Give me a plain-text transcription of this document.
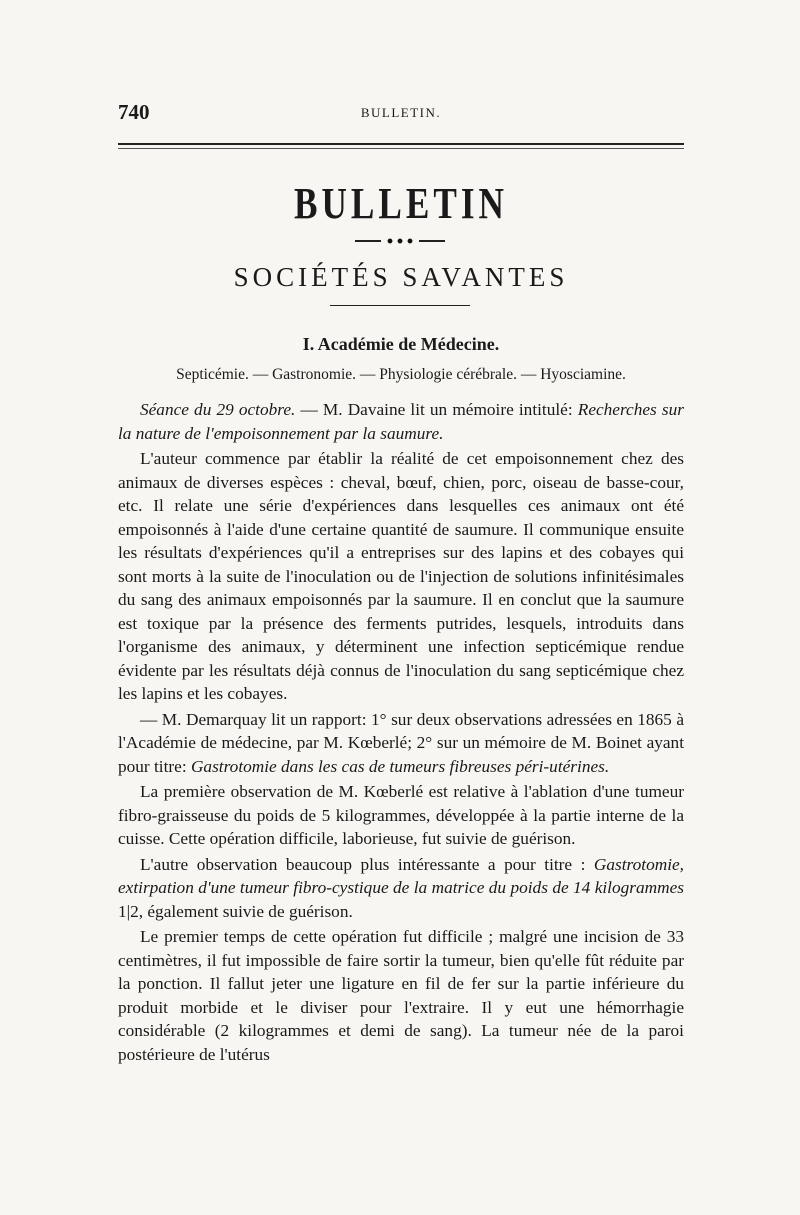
740	BULLETIN.
BULLETIN
SOCIÉTÉS SAVANTES
I. Académie de Médecine.
Septicémie. — Gastronomie. — Physiologie cérébrale. — Hyoscіamine.

Séance du 29 octobre. — M. Davaine lit un mémoire intitulé: Recherches sur la nature de l'empoisonnement par la saumure.

L'auteur commence par établir la réalité de cet empoisonnement chez des animaux de diverses espèces : cheval, bœuf, chien, porc, oiseau de basse-cour, etc. Il relate une série d'expériences dans lesquelles ces animaux ont été empoisonnés à l'aide d'une certaine quantité de saumure. Il communique ensuite les résultats d'expériences qu'il a entreprises sur des lapins et des cobayes qui sont morts à la suite de l'inoculation ou de l'injection de solutions infinitésimales du sang des animaux empoisonnés par la saumure. Il en conclut que la saumure est toxique par la présence des ferments putrides, lesquels, introduits dans l'organisme des animaux, y déterminent une infection septicémique rendue évidente par les résultats déjà connus de l'inoculation du sang septicémique chez les lapins et les cobayes.

— M. Demarquay lit un rapport: 1° sur deux observations adressées en 1865 à l'Académie de médecine, par M. Kœberlé; 2° sur un mémoire de M. Boinet ayant pour titre: Gastrotomie dans les cas de tumeurs fibreuses péri-utérines.

La première observation de M. Kœberlé est relative à l'ablation d'une tumeur fibro-graisseuse du poids de 5 kilogrammes, développée à la partie interne de la cuisse. Cette opération difficile, laborieuse, fut suivie de guérison.

L'autre observation beaucoup plus intéressante a pour titre : Gastrotomie, extirpation d'une tumeur fibro-cystique de la matrice du poids de 14 kilogrammes 1|2, également suivie de guérison.

Le premier temps de cette opération fut difficile ; malgré une incision de 33 centimètres, il fut impossible de faire sortir la tumeur, bien qu'elle fût réduite par la ponction. Il fallut jeter une ligature en fil de fer sur la partie inférieure du produit morbide et le diviser pour l'extraire. Il y eut une hémorrhagie considérable (2 kilogrammes et demi de sang). La tumeur née de la paroi postérieure de l'utérus
